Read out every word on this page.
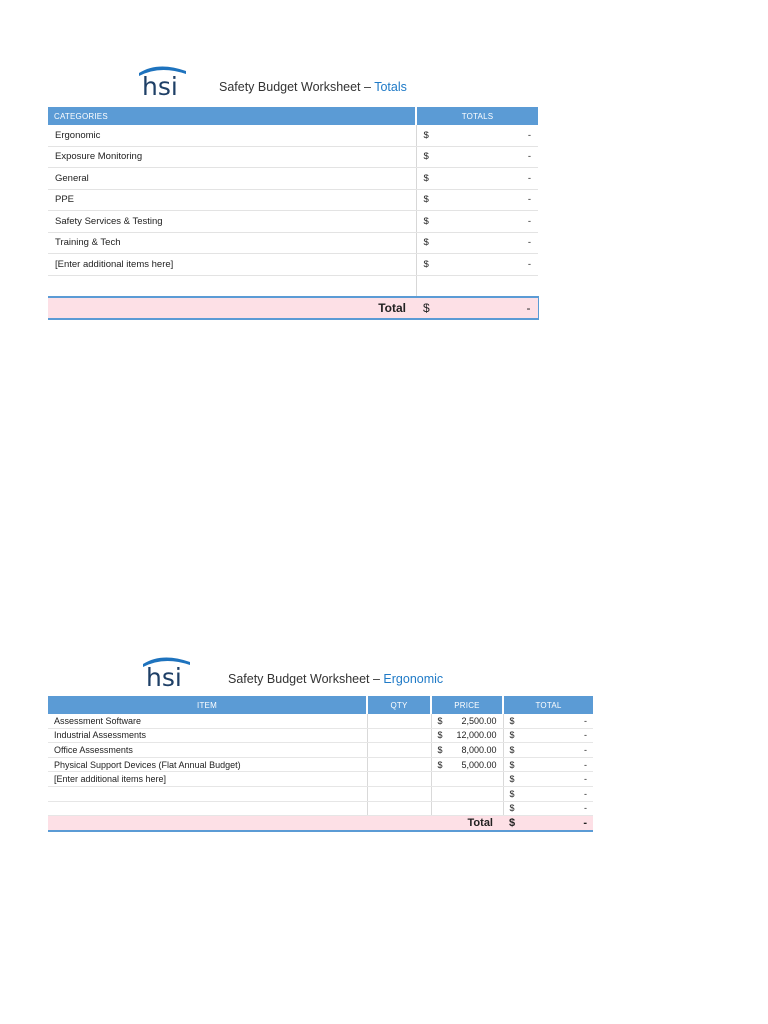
hsi	Safety Budget Worksheet – Totals
CATEGORIES	TOTALS
Ergonomic	$ -

Exposure Monitoring	$ -

General	$ -

PPE	$ -

Safety Services & Testing	$ -

Training & Tech	$ -

[Enter additional items here]	$ -

Total	$ -
hsi	Safety Budget Worksheet – Ergonomic
ITEM	QTY	PRICE	TOTAL
Assessment Software		$ 2,500.00	$ -

Industrial Assessments		$ 12,000.00	$ -

Office Assessments		$ 8,000.00	$ -

Physical Support Devices (Flat Annual Budget)		$ 5,000.00	$ -

[Enter additional items here]			$ -

			$ -

			$ -

Total			$ -
